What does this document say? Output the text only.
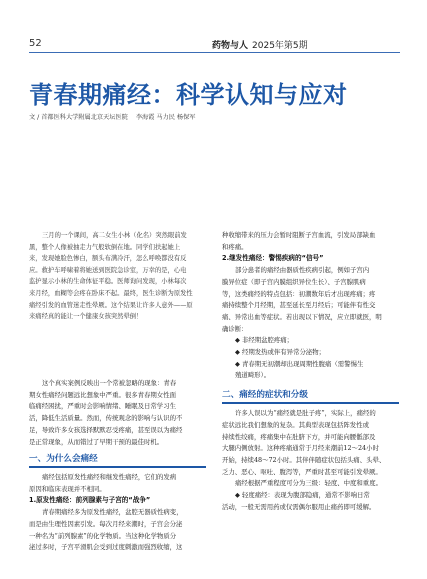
52	药物与人 2025年第5期
青春期痛经：科学认知与应对
文 / 首都医科大学附属北京天坛医院 李海霞 马力民 杨保军
三月的一个课间，高二女生小林（化名）突然眼前发
黑，整个人像被抽走力气般软倒在地。同学们扶起她上
来，发现她脸色惨白，额头布满冷汗，怎么呼唤都没有反
应。救护车呼啸着将她送到医院急诊室，万幸的是，心电
监护显示小林的生命体征平稳。医师询问发现，小林每次
来月经，血糊等会疼在卧床不起。最终，医生诊断为原发性
痛经引发的血管迷走性晕厥。这个结果让许多人意外——原
来痛经真的能让一个健康女孩突然晕倒！
种收缩带来的压力会暂时阻断子宫血流，引发局部缺血
和疼痛。
2.继发性痛经：警惕疾病的“信号”
部分患者的痛经由器质性疾病引起，例如子宫内
膜异位症（即子宫内膜组织异位生长）、子宫腺肌病
等，这类痛经的特点包括：初潮数年后才出现疼痛；疼
痛持续整个月经期，甚至延长至月经后；可能伴有性交
痛、异常出血等症状。若出现以下情况，应立即就医，明
确诊断：
◆ 非经期盆腔疼痛；
◆ 经期发热或伴有异常分泌物；
◆ 青春期无初潮却出现周期性腹痛（需警惕生
殖道畸形）。
二、痛经的症状和分级
许多人误以为“痛经就是肚子疼”，实际上，痛经的
症状远比我们想象的复杂。其典型表现包括阵发性或
持续性绞痛，疼痛集中在肚脐下方，并可能向腰骶部及
大腿内侧放射。这种疼痛通常于月经来潮前12～24小时
开始，持续48～72小时。其伴伴随症状包括头痛、头晕、
乏力、恶心、呕吐、腹泻等，严重时甚至可能引发晕厥。
痛经根据严重程度可分为三级：轻度、中度和重度。
◆ 轻度痛经：表现为腹部隐痛，通常不影响日常
活动，一般无需用药或仅需偶尔服用止痛药即可缓解。
这个真实案例反映出一个常被忽略的现象：青春
期女性痛经问题远比想象中严重。很多青春期女性面
临痛经困扰，严重时会影响情绪、睡眠及日常学习生
活，降低生活质量。然而，传统观念的影响与认识的不
足，导致许多女孩选择默默忍受疼痛，甚至误以为痛经
是正常现象，从而错过了早期干预的最佳时机。
一、为什么会痛经
痛经包括原发性痛经和继发性痛经，它们的发病
原因和临床表现并不相同。
1.原发性痛经：前列腺素与子宫的“战争”
青春期痛经多为原发性痛经，盆腔无器质性病变，
而是由生理性因素引发。每次月经来潮时，子宫会分泌
一种名为“前列腺素”的化学物质。当这种化学物质分
泌过多时，子宫平滑肌会受到过度刺激而强烈收缩，这
